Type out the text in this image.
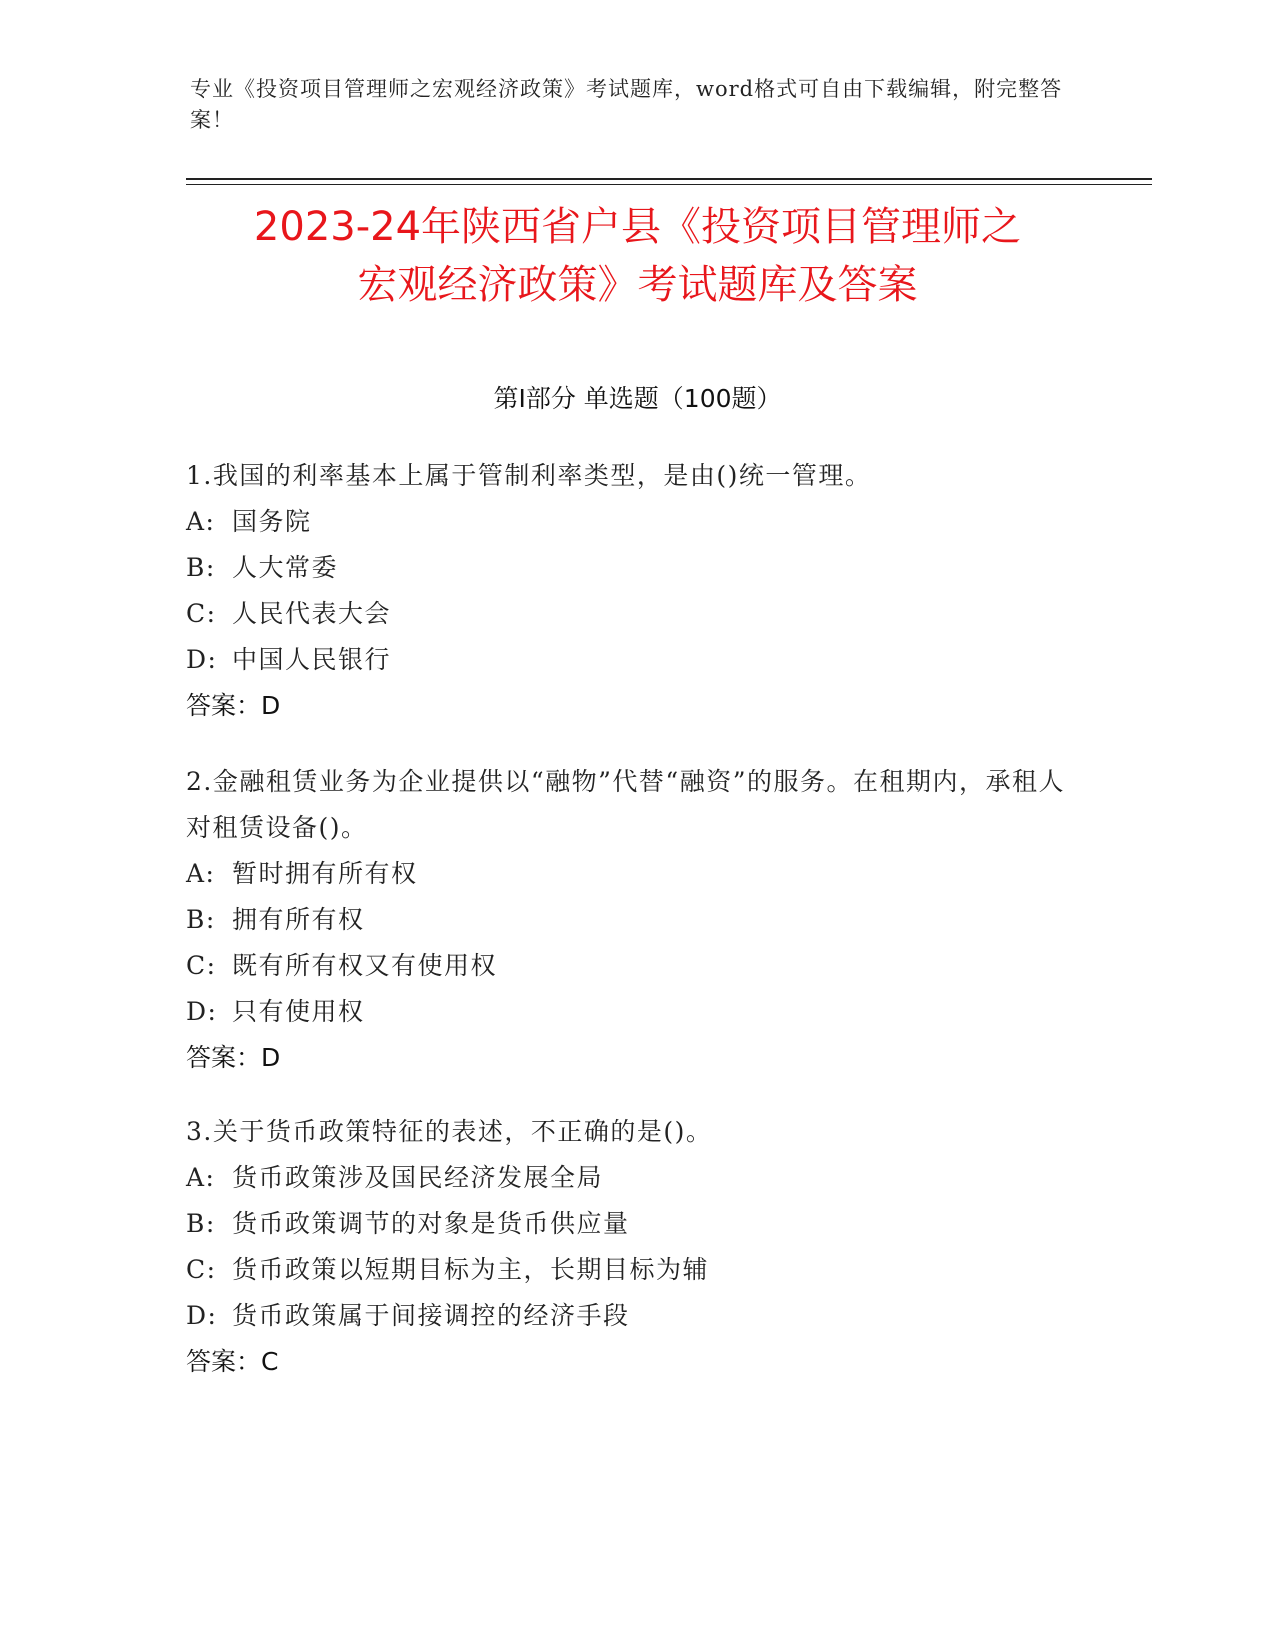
专业《投资项目管理师之宏观经济政策》考试题库，word格式可自由下载编辑，附完整答案！
2023-24年陕西省户县《投资项目管理师之
宏观经济政策》考试题库及答案
第Ⅰ部分 单选题（100题）
1.我国的利率基本上属于管制利率类型，是由()统一管理。
A: 国务院
B: 人大常委
C: 人民代表大会
D: 中国人民银行
答案：D
2.金融租赁业务为企业提供以“融物”代替“融资”的服务。在租期内，承租人对租赁设备()。
A: 暂时拥有所有权
B: 拥有所有权
C: 既有所有权又有使用权
D: 只有使用权
答案：D
3.关于货币政策特征的表述，不正确的是()。
A: 货币政策涉及国民经济发展全局
B: 货币政策调节的对象是货币供应量
C: 货币政策以短期目标为主，长期目标为辅
D: 货币政策属于间接调控的经济手段
答案：C
